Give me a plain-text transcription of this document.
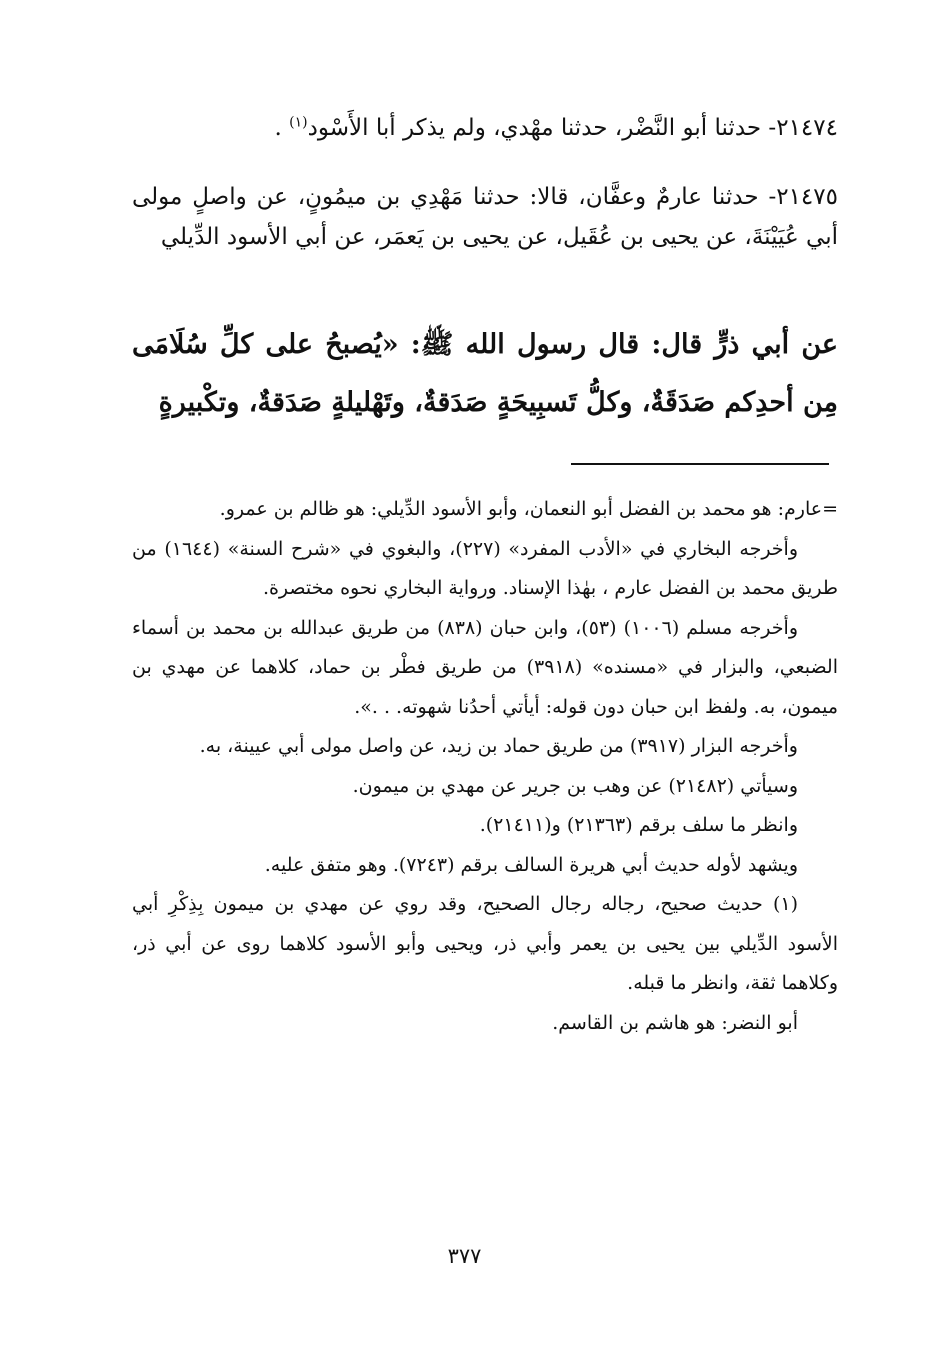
٢١٤٧٤- حدثنا أبو النَّضْر، حدثنا مهْدي، ولم يذكر أبا الأَسْود$^{(١)}$ .
٢١٤٧٥- حدثنا عارمٌ وعفَّان، قالا: حدثنا مَهْدِي بن ميمُونٍ، عن واصلٍ مولى أبي عُيَيْنَةَ، عن يحيى بن عُقَيل، عن يحيى بن يَعمَر، عن أبي الأسود الدِّيلي
عن أبي ذرٍّ قال: قال رسول الله ﷺ: «يُصبحُ على كلِّ سُلَامَى مِن أحدِكم صَدَقَةٌ، وكلُّ تَسبِيحَةٍ صَدَقةٌ، وتَهْليلةٍ صَدَقةٌ، وتكْبيرةٍ

=عارم: هو محمد بن الفضل أبو النعمان، وأبو الأسود الدِّيلي: هو ظالم بن عمرو.

وأخرجه البخاري في «الأدب المفرد» (٢٢٧)، والبغوي في «شرح السنة» (١٦٤٤) من طريق محمد بن الفضل عارم ، بهٰذا الإسناد. ورواية البخاري نحوه مختصرة.

وأخرجه مسلم (١٠٠٦) (٥٣)، وابن حبان (٨٣٨) من طريق عبدالله بن محمد بن أسماء الضبعي، والبزار في «مسنده» (٣٩١٨) من طريق فطْر بن حماد، كلاهما عن مهدي بن ميمون، به. ولفظ ابن حبان دون قوله: أيأتي أحدُنا شهوته. . .».

وأخرجه البزار (٣٩١٧) من طريق حماد بن زيد، عن واصل مولى أبي عيينة، به.

وسيأتي (٢١٤٨٢) عن وهب بن جرير عن مهدي بن ميمون.

وانظر ما سلف برقم (٢١٣٦٣) و(٢١٤١١).

ويشهد لأوله حديث أبي هريرة السالف برقم (٧٢٤٣). وهو متفق عليه.

(١) حديث صحيح، رجاله رجال الصحيح، وقد روي عن مهدي بن ميمون بِذِكْرِ أبي الأسود الدِّيلي بين يحيى بن يعمر وأبي ذر، ويحيى وأبو الأسود كلاهما روى عن أبي ذر، وكلاهما ثقة، وانظر ما قبله.

أبو النضر: هو هاشم بن القاسم.

٣٧٧
